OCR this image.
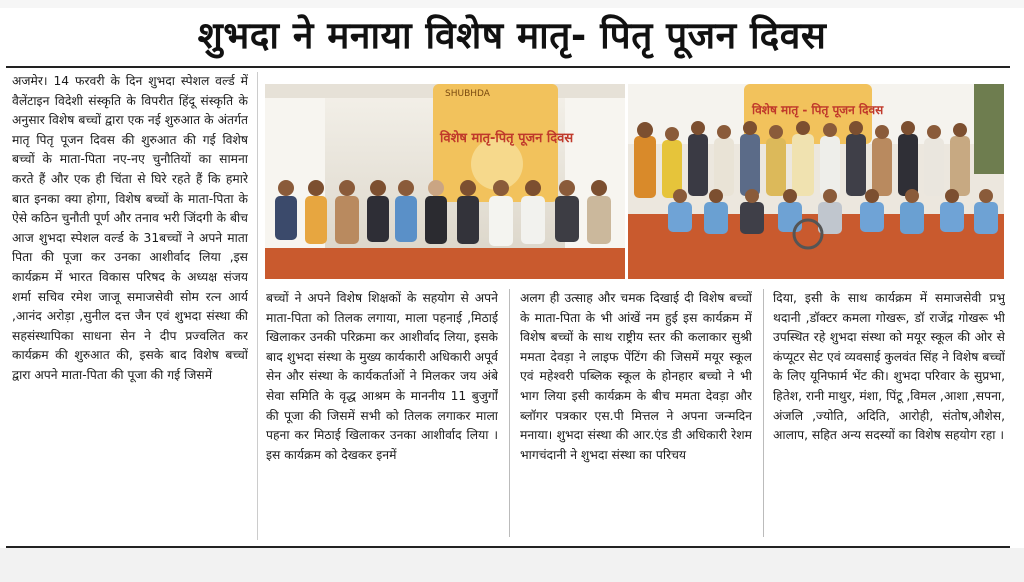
शुभदा ने मनाया विशेष मातृ- पितृ पूजन दिवस

अजमेर। 14 फरवरी के दिन शुभदा स्पेशल वर्ल्ड में वैलेंटाइन विदेशी संस्कृति के विपरीत हिंदू संस्कृति के अनुसार विशेष बच्चों द्वारा एक नई शुरुआत के अंतर्गत मातृ पितृ पूजन दिवस की शुरुआत की गई विशेष बच्चों के माता-पिता नए-नए चुनौतियों का सामना करते हैं और एक ही चिंता से घिरे रहते हैं कि हमारे बात इनका क्या होगा, विशेष बच्चों के माता-पिता के ऐसे कठिन चुनौती पूर्ण और तनाव भरी जिंदगी के बीच आज शुभदा स्पेशल वर्ल्ड के 31बच्चों ने अपने माता पिता की पूजा कर उनका आशीर्वाद लिया ,इस कार्यक्रम में भारत विकास परिषद के अध्यक्ष संजय शर्मा सचिव रमेश जाजू समाजसेवी सोम रत्न आर्य ,आनंद अरोड़ा ,सुनील दत्त जैन एवं शुभदा संस्था की सहसंस्थापिका साधना सेन ने दीप प्रज्वलित कर कार्यक्रम की शुरुआत की, इसके बाद विशेष बच्चों द्वारा अपने माता-पिता की पूजा की गई जिसमें

SHUBHDA
विशेष मातृ-पितृ पूजन दिवस
विशेष मातृ - पितृ पूजन दिवस

बच्चों ने अपने विशेष शिक्षकों के सहयोग से अपने माता-पिता को तिलक लगाया, माला पहनाई ,मिठाई खिलाकर उनकी परिक्रमा कर आशीर्वाद लिया, इसके बाद शुभदा संस्था के मुख्य कार्यकारी अधिकारी अपूर्व सेन और संस्था के कार्यकर्ताओं ने मिलकर जय अंबे सेवा समिति के वृद्ध आश्रम के माननीय 11 बुजुर्गों की पूजा की जिसमें सभी को तिलक लगाकर माला पहना कर मिठाई खिलाकर उनका आशीर्वाद लिया । इस कार्यक्रम को देखकर इनमें

अलग ही उत्साह और चमक दिखाई दी विशेष बच्चों के माता-पिता के भी आंखें नम हुई इस कार्यक्रम में विशेष बच्चों के साथ राष्ट्रीय स्तर की कलाकार सुश्री ममता देवड़ा ने लाइफ पेंटिंग की जिसमें मयूर स्कूल एवं महेश्वरी पब्लिक स्कूल के होनहार बच्चो ने भी भाग लिया इसी कार्यक्रम के बीच ममता देवड़ा और ब्लॉगर पत्रकार एस.पी मित्तल ने अपना जन्मदिन मनाया। शुभदा संस्था की आर.एंड डी अधिकारी रेशम भागचंदानी ने शुभदा संस्था का परिचय

दिया, इसी के साथ कार्यक्रम में समाजसेवी प्रभु थदानी ,डॉक्टर कमला गोखरू, डॉ राजेंद्र गोखरू भी उपस्थित रहे शुभदा संस्था को मयूर स्कूल की ओर से कंप्यूटर सेट एवं व्यवसाई कुलवंत सिंह ने विशेष बच्चों के लिए यूनिफार्म भेंट की। शुभदा परिवार के सुप्रभा, हितेश, रानी माथुर, मंशा, पिंटू ,विमल ,आशा ,सपना, अंजलि ,ज्योति, अदिति, आरोही, संतोष,औशेस, आलाप, सहित अन्य सदस्यों का विशेष सहयोग रहा ।
